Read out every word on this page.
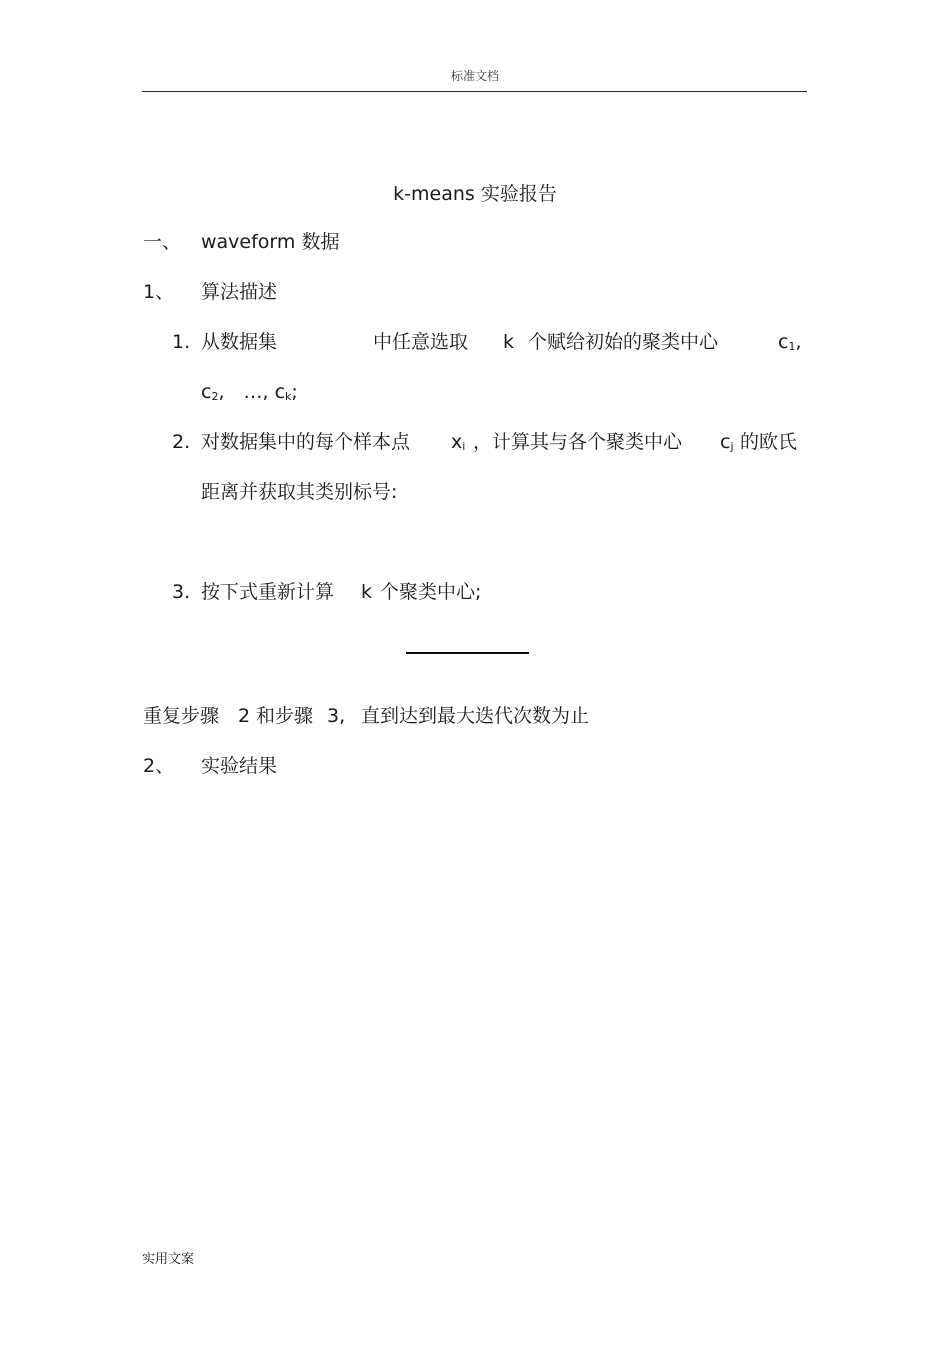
标准文档
k-means 实验报告
一、 waveform 数据
1、 算法描述
1. 从数据集	中任意选取 k 个赋给初始的聚类中心	$c_1$,
$c_2$,　…, $c_k$;
2. 对数据集中的每个样本点 $x_i$ ，计算其与各个聚类中心 $c_j$ 的欧氏
距离并获取其类别标号:
3. 按下式重新计算 k 个聚类中心;
重复步骤 2 和步骤 3, 直到达到最大迭代次数为止
2、 实验结果
实用文案
